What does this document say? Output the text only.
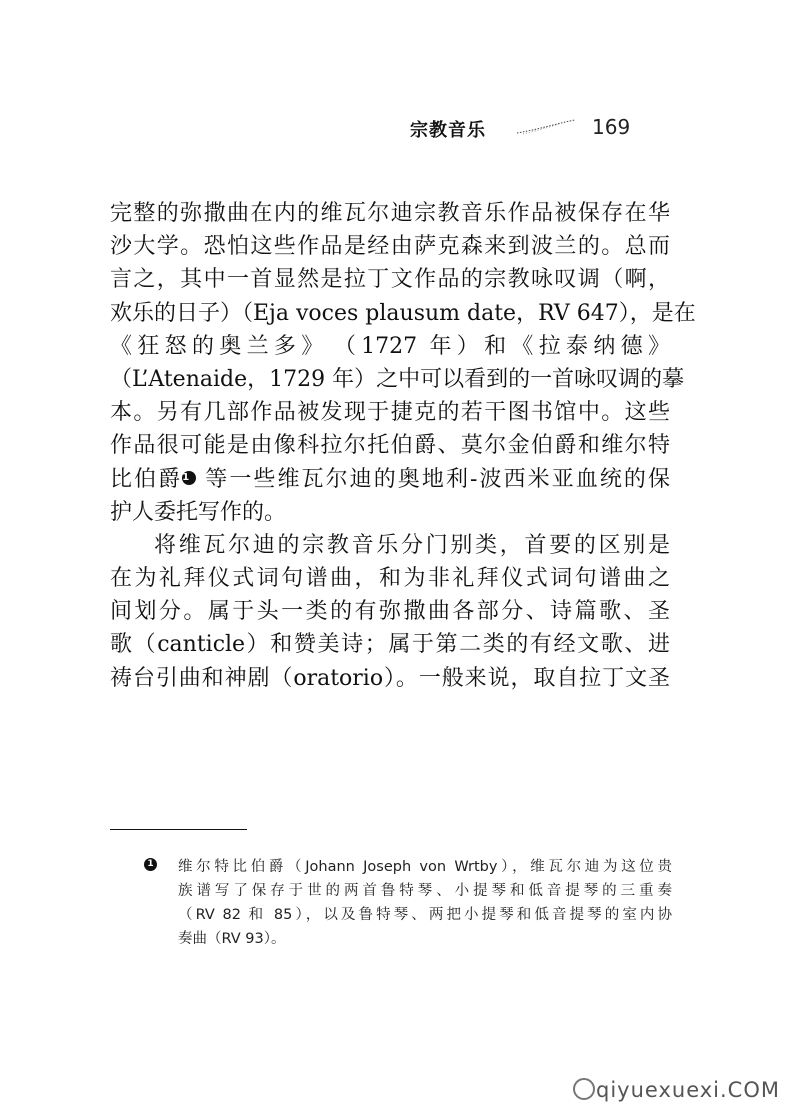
宗教音乐	169
完整的弥撒曲在内的维瓦尔迪宗教音乐作品被保存在华
沙大学。恐怕这些作品是经由萨克森来到波兰的。总而
言之，其中一首显然是拉丁文作品的宗教咏叹调（啊，
欢乐的日子）（Eja voces plausum date，RV 647），是在
《狂怒的奥兰多》　（1727 年）和《拉泰纳德》
（L’Atenaide，1729 年）之中可以看到的一首咏叹调的摹
本。另有几部作品被发现于捷克的若干图书馆中。这些
作品很可能是由像科拉尔托伯爵、莫尔金伯爵和维尔特
比伯爵1 等一些维瓦尔迪的奥地利-波西米亚血统的保
护人委托写作的。
将维瓦尔迪的宗教音乐分门别类，首要的区别是
在为礼拜仪式词句谱曲，和为非礼拜仪式词句谱曲之
间划分。属于头一类的有弥撒曲各部分、诗篇歌、圣
歌（canticle）和赞美诗；属于第二类的有经文歌、进
祷台引曲和神剧（oratorio）。一般来说，取自拉丁文圣
1 维尔特比伯爵（Johann Joseph von Wrtby），维瓦尔迪为这位贵
族谱写了保存于世的两首鲁特琴、小提琴和低音提琴的三重奏
（RV 82 和 85），以及鲁特琴、两把小提琴和低音提琴的室内协
奏曲（RV 93）。
qiyuexuexi.COM
